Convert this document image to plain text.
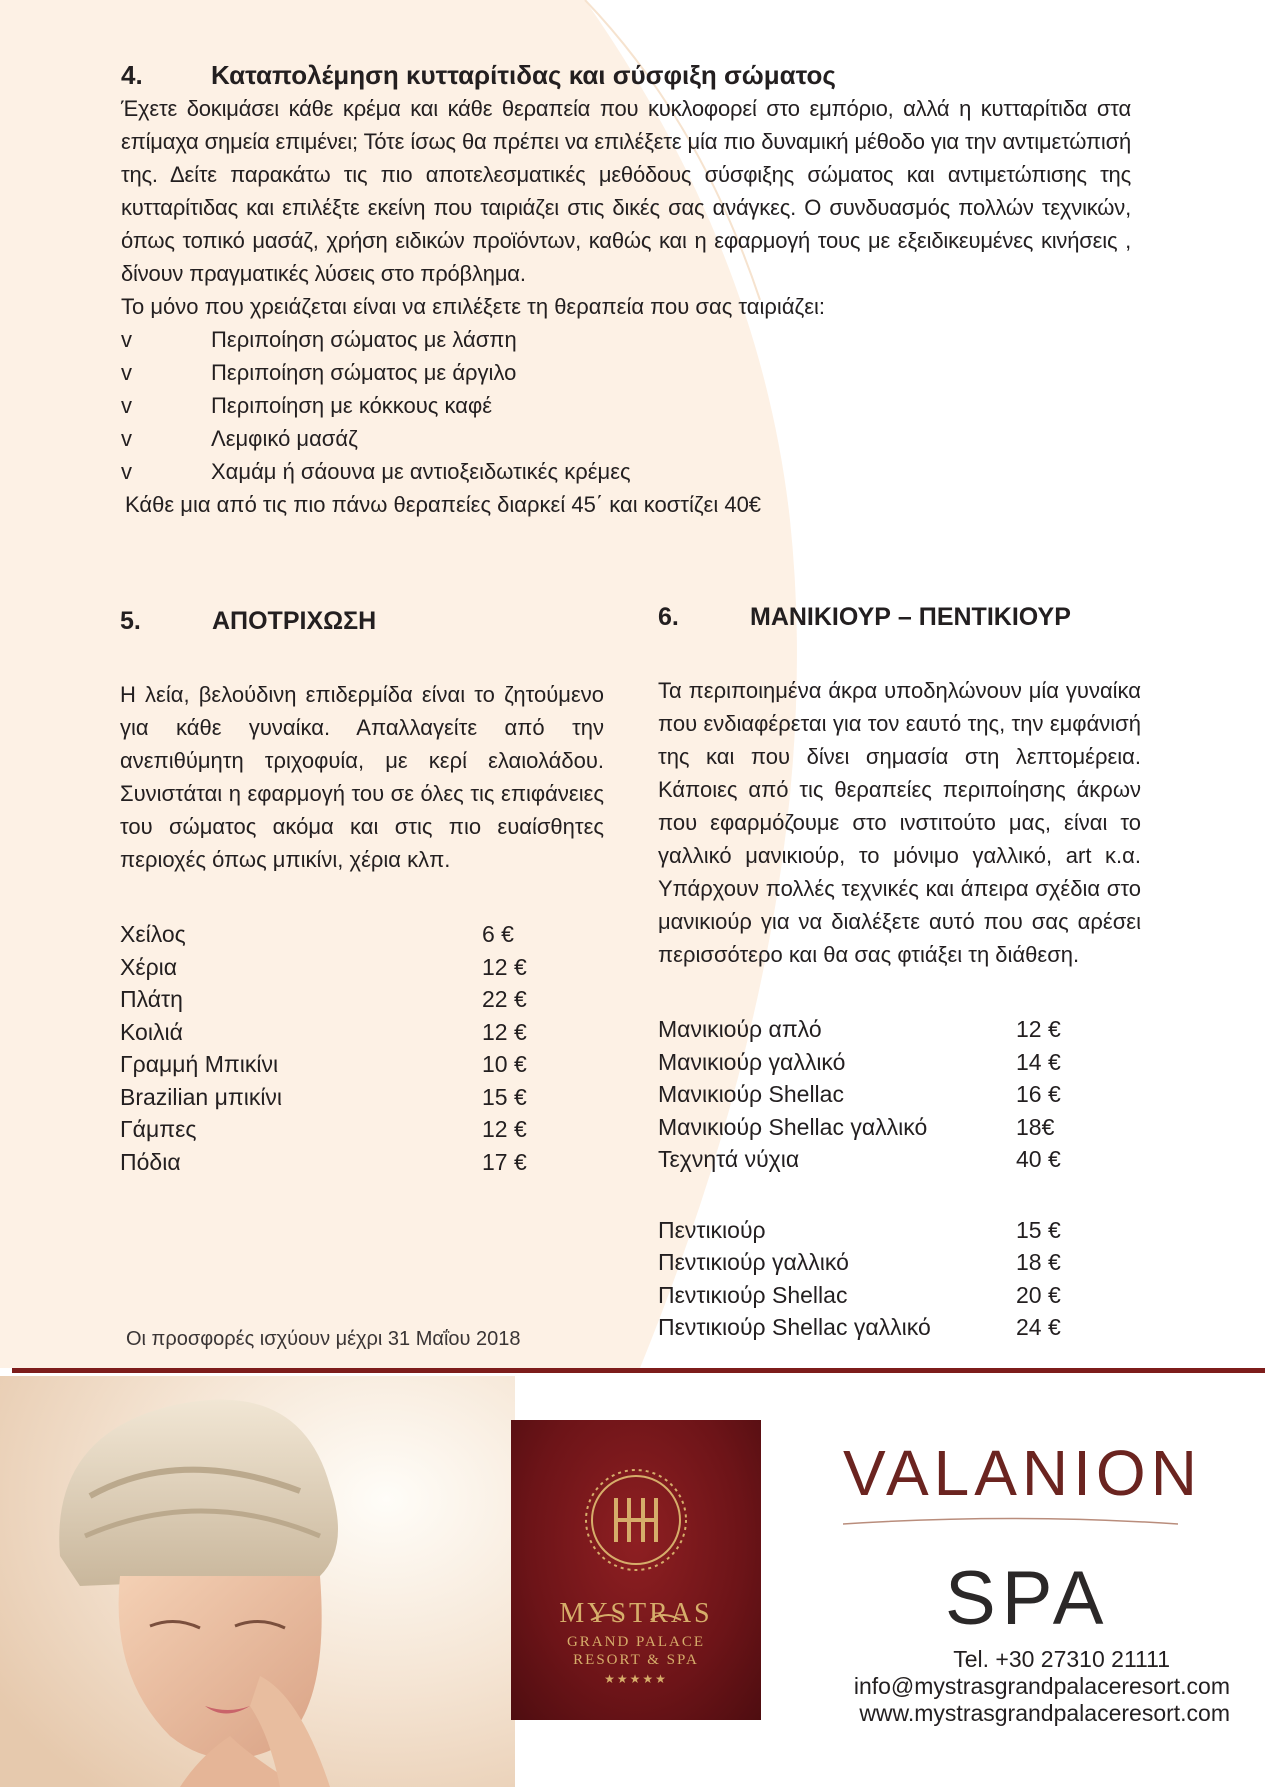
4.	Καταπολέμηση κυτταρίτιδας και σύσφιξη σώματος

Έχετε δοκιμάσει κάθε κρέμα και κάθε θεραπεία που κυκλοφορεί στο εμπόριο, αλλά η κυτταρίτιδα στα επίμαχα σημεία επιμένει; Τότε ίσως θα πρέπει να επιλέξετε μία πιο δυναμική μέθοδο για την αντιμετώπισή της. Δείτε παρακάτω τις πιο αποτελεσματικές μεθόδους σύσφιξης σώματος και αντιμετώπισης της κυτταρίτιδας και επιλέξτε εκείνη που ταιριάζει στις δικές σας ανάγκες. Ο συνδυασμός πολλών τεχνικών, όπως τοπικό μασάζ, χρήση ειδικών προϊόντων, καθώς και η εφαρμογή τους με εξειδικευμένες κινήσεις , δίνουν πραγματικές λύσεις στο πρόβλημα.

Το μόνο που χρειάζεται είναι να επιλέξετε τη θεραπεία που σας ταιριάζει:

v	Περιποίηση σώματος με λάσπη
v	Περιποίηση σώματος με άργιλο
v	Περιποίηση με κόκκους καφέ
v	Λεμφικό μασάζ
v	Χαμάμ ή σάουνα με αντιοξειδωτικές κρέμες

Κάθε μια από τις πιο πάνω θεραπείες διαρκεί 45΄ και κοστίζει 40€

5.	ΑΠΟΤΡΙΧΩΣΗ

Η λεία, βελούδινη επιδερμίδα είναι το ζητούμενο για κάθε γυναίκα. Απαλλαγείτε από την ανεπιθύμητη τριχοφυία, με κερί ελαιολάδου. Συνιστάται η εφαρμογή του σε όλες τις επιφάνειες του σώματος ακόμα και στις πιο ευαίσθητες περιοχές όπως μπικίνι, χέρια κλπ.

Χείλος	6 €
Χέρια	12 €
Πλάτη	22 €
Κοιλιά	12 €
Γραμμή Μπικίνι	10 €
Brazilian μπικίνι	15 €
Γάμπες	12 €
Πόδια	17 €

6.	ΜΑΝΙΚΙΟΥΡ – ΠΕΝΤΙΚΙΟΥΡ

Τα περιποιημένα άκρα υποδηλώνουν μία γυναίκα που ενδιαφέρεται για τον εαυτό της, την εμφάνισή της και που δίνει σημασία στη λεπτομέρεια. Κάποιες από τις θεραπείες περιποίησης άκρων που εφαρμόζουμε στο ινστιτούτο μας, είναι το γαλλικό μανικιούρ, το μόνιμο γαλλικό, art κ.α. Υπάρχουν πολλές τεχνικές και άπειρα σχέδια στο μανικιούρ για να διαλέξετε αυτό που σας αρέσει περισσότερο και θα σας φτιάξει τη διάθεση.

Μανικιούρ απλό	12 €
Μανικιούρ γαλλικό	14 €
Μανικιούρ Shellac	16 €
Μανικιούρ Shellac γαλλικό	18€
Τεχνητά νύχια	40 €
Πεντικιούρ	15 €
Πεντικιούρ γαλλικό	18 €
Πεντικιούρ Shellac	20 €
Πεντικιούρ Shellac γαλλικό	24 €
Οι προσφορές ισχύουν μέχρι 31 Μαΐου 2018
MYSTRAS
GRAND PALACE
RESORT & SPA
★★★★★
VALANION
SPA
Tel. +30 27310 21111
info@mystrasgrandpalaceresort.com
www.mystrasgrandpalaceresort.com
